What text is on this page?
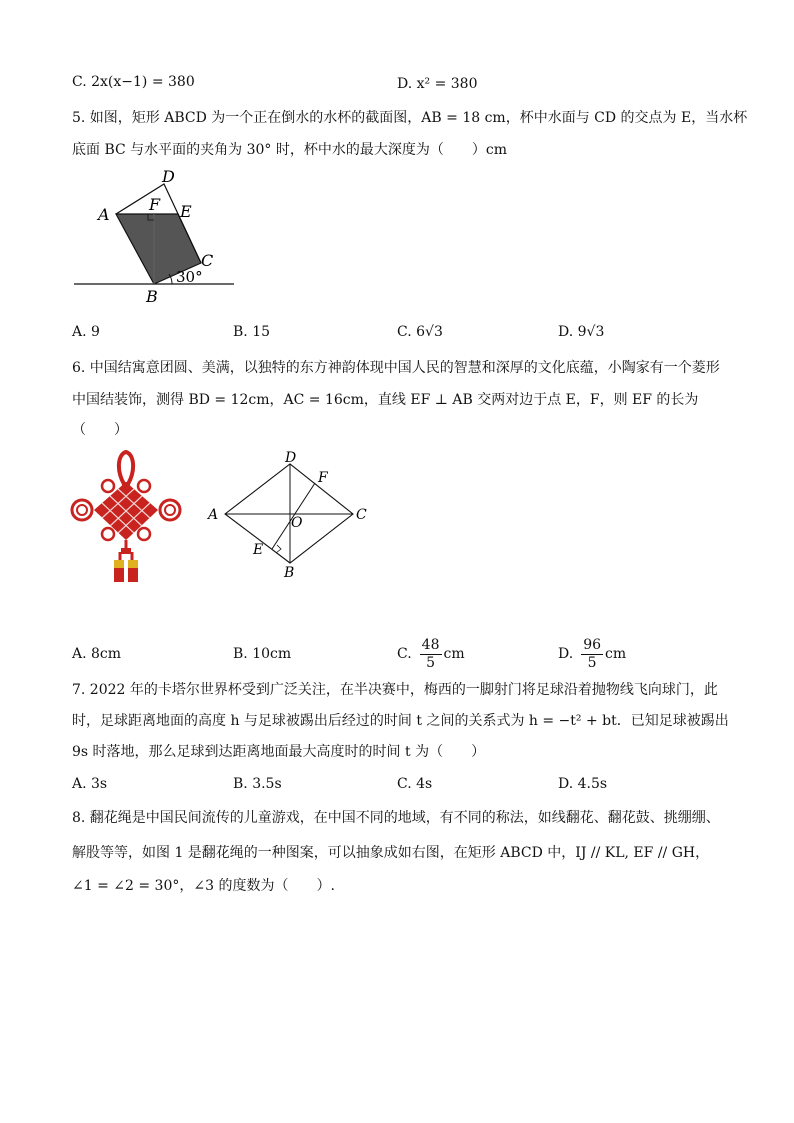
C. 2x(x−1) = 380	D. x² = 380
5. 如图，矩形 ABCD 为一个正在倒水的水杯的截面图，AB = 18 cm，杯中水面与 CD 的交点为 E，当水杯
底面 BC 与水平面的夹角为 30° 时，杯中水的最大深度为（　　）cm
D
A
F E
C
30°
B
A. 9	B. 15	C. 6√3	D. 9√3
6. 中国结寓意团圆、美满，以独特的东方神韵体现中国人民的智慧和深厚的文化底蕴，小陶家有一个菱形
中国结装饰，测得 BD = 12cm，AC = 16cm，直线 EF ⊥ AB 交两对边于点 E，F，则 EF 的长为
（　　）
D
F
A	O	C
E
B
A. 8cm	B. 10cm	C. $\frac{48}{5}$ cm	D. $\frac{96}{5}$ cm
7. 2022 年的卡塔尔世界杯受到广泛关注，在半决赛中，梅西的一脚射门将足球沿着抛物线飞向球门，此
时，足球距离地面的高度 h 与足球被踢出后经过的时间 t 之间的关系式为 h = −t² + bt．已知足球被踢出
9s 时落地，那么足球到达距离地面最大高度时的时间 t 为（　　）
A. 3s	B. 3.5s	C. 4s	D. 4.5s
8. 翻花绳是中国民间流传的儿童游戏，在中国不同的地域，有不同的称法，如线翻花、翻花鼓、挑绷绷、
解股等等，如图 1 是翻花绳的一种图案，可以抽象成如右图，在矩形 ABCD 中，IJ // KL, EF // GH，
∠1 = ∠2 = 30°，∠3 的度数为（　　）.
